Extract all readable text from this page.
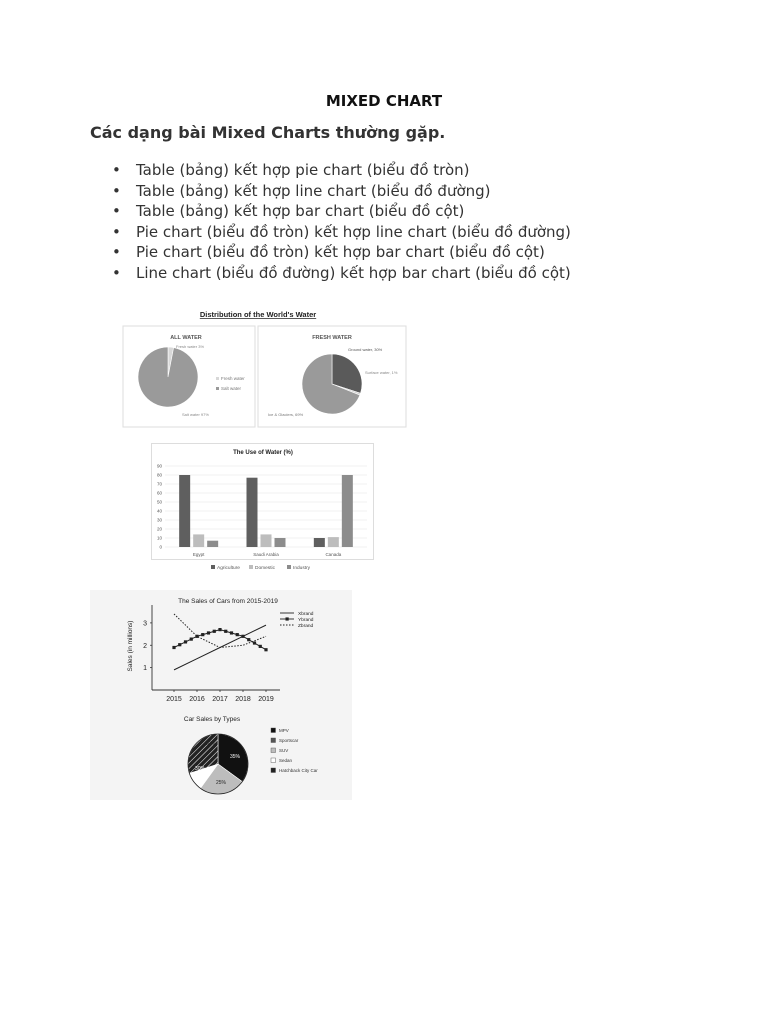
MIXED CHART
Các dạng bài Mixed Charts thường gặp.
• Table (bảng) kết hợp pie chart (biểu đồ tròn)
• Table (bảng) kết hợp line chart (biểu đồ đường)
• Table (bảng) kết hợp bar chart (biểu đồ cột)
• Pie chart (biểu đồ tròn) kết hợp line chart (biểu đồ đường)
• Pie chart (biểu đồ tròn) kết hợp bar chart (biểu đồ cột)
• Line chart (biểu đồ đường) kết hợp bar chart (biểu đồ cột)
Distribution of the World's Water
ALL WATER	FRESH WATER
Fresh water 3%
Salt water 97%
Fresh water
Salt water
Ground water, 30%
Surface water, 1%
Ice & Glaciers, 69%
The Use of Water (%)
0
10
20
30
40
50
60
70
80
90
Egypt	Saudi Arabia	Canada
Agriculture	Domestic	Industry
The Sales of Cars from 2015-2019
Sales (in millions) 1
2
3
2015 2016 2017 2018 2019
Xbrand
Ybrand
Zbrand
Car Sales by Types
35%
25%
10%
30%
MPV
Sportscar
SUV
Sedan
Hatchback City Car
